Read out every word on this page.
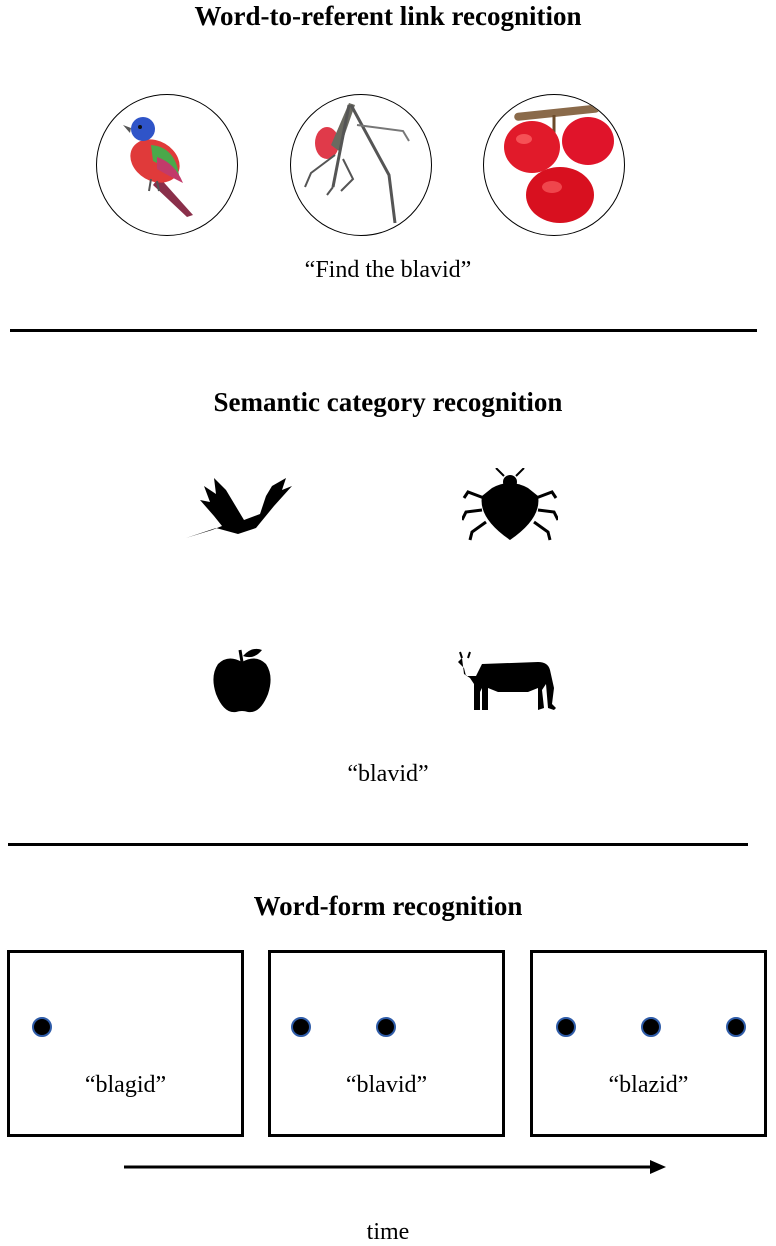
Word-to-referent link recognition
“Find the blavid”
Semantic category recognition
“blavid”
Word-form recognition
“blagid”	“blavid”	“blazid”
time
